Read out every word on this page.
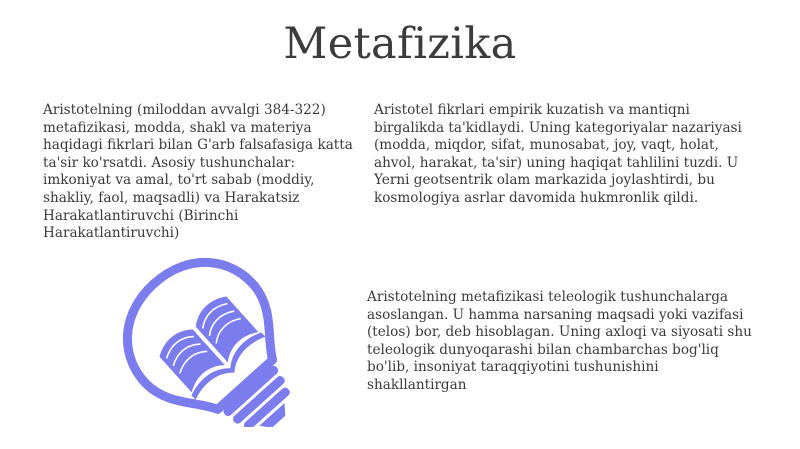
Metafizika

Aristotelning (miloddan avvalgi 384-322) metafizikasi, modda, shakl va materiya haqidagi fikrlari bilan G'arb falsafasiga katta ta'sir ko'rsatdi. Asosiy tushunchalar: imkoniyat va amal, to'rt sabab (moddiy, shakliy, faol, maqsadli) va Harakatsiz Harakatlantiruvchi (Birinchi Harakatlantiruvchi)

Aristotel fikrlari empirik kuzatish va mantiqni birgalikda ta'kidlaydi. Uning kategoriyalar nazariyasi (modda, miqdor, sifat, munosabat, joy, vaqt, holat, ahvol, harakat, ta'sir) uning haqiqat tahlilini tuzdi. U Yerni geotsentrik olam markazida joylashtirdi, bu kosmologiya asrlar davomida hukmronlik qildi.

Aristotelning metafizikasi teleologik tushunchalarga asoslangan. U hamma narsaning maqsadi yoki vazifasi (telos) bor, deb hisoblagan. Uning axloqi va siyosati shu teleologik dunyoqarashi bilan chambarchas bog'liq bo'lib, insoniyat taraqqiyotini tushunishini shakllantirgan
